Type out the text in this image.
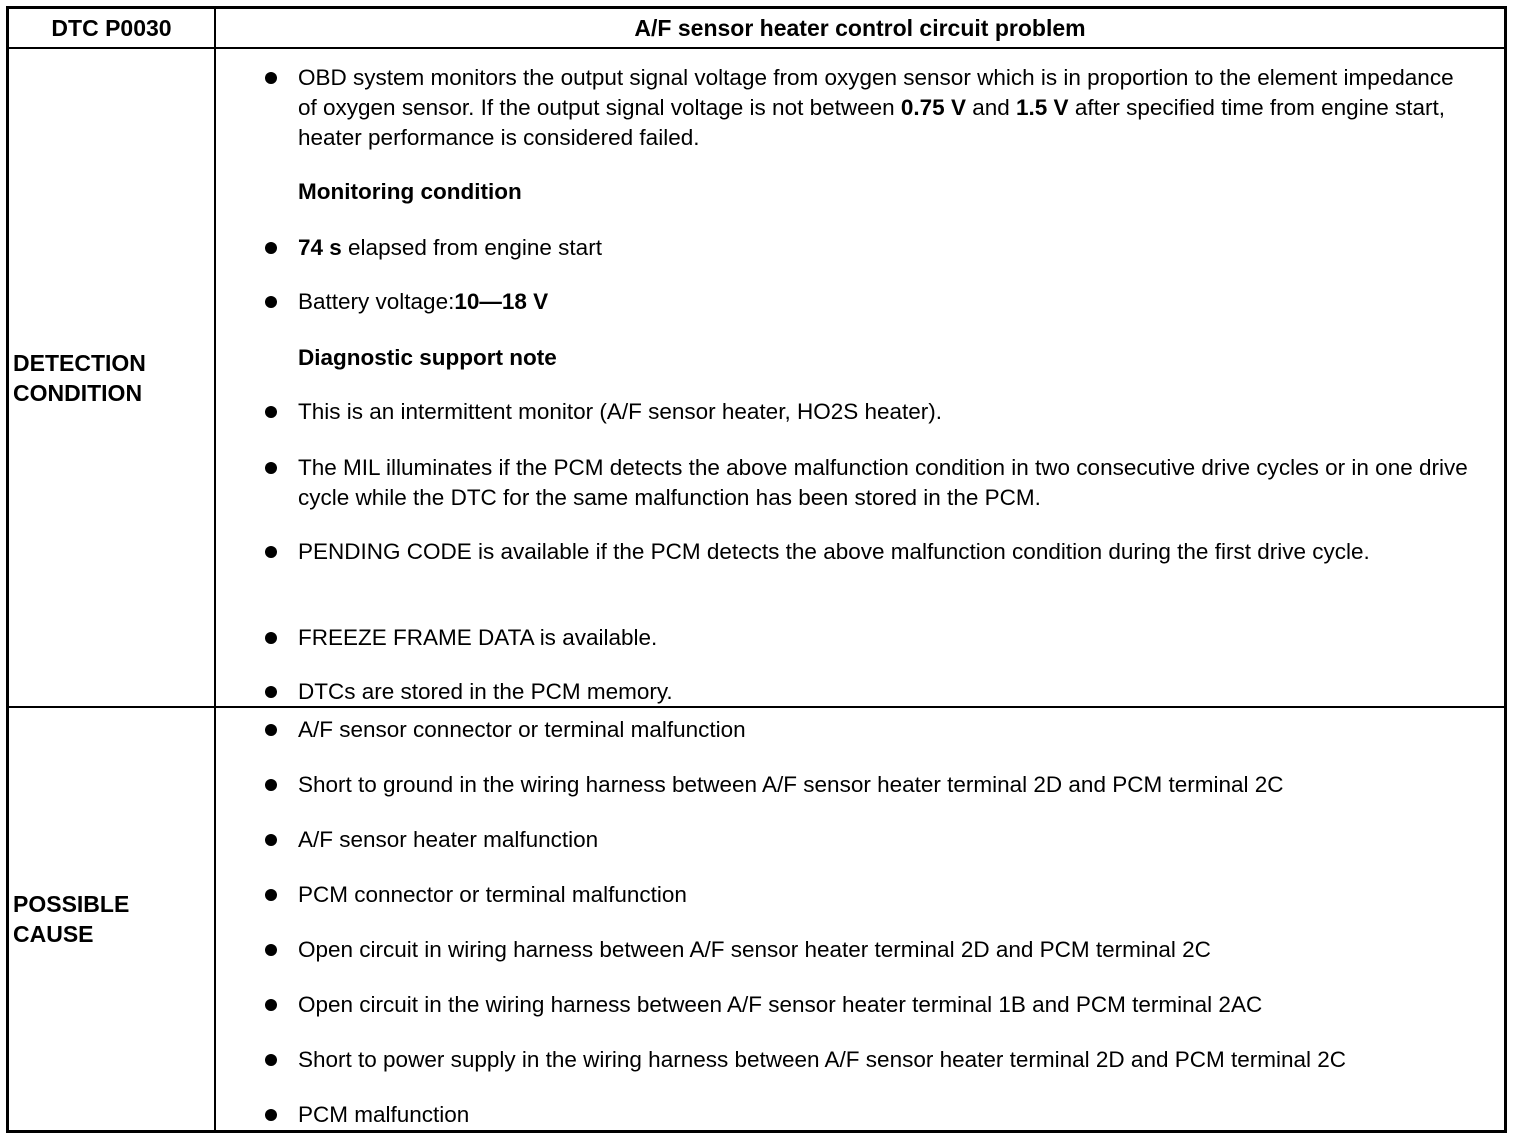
DTC P0030	A/F sensor heater control circuit problem
DETECTION
CONDITION
OBD system monitors the output signal voltage from oxygen sensor which is in proportion to the element impedance of oxygen sensor. If the output signal voltage is not between 0.75 V and 1.5 V after specified time from engine start, heater performance is considered failed.
Monitoring condition
74 s elapsed from engine start
Battery voltage:10—18 V
Diagnostic support note
This is an intermittent monitor (A/F sensor heater, HO2S heater).
The MIL illuminates if the PCM detects the above malfunction condition in two consecutive drive cycles or in one drive cycle while the DTC for the same malfunction has been stored in the PCM.
PENDING CODE is available if the PCM detects the above malfunction condition during the first drive cycle.
FREEZE FRAME DATA is available.
DTCs are stored in the PCM memory.
POSSIBLE
CAUSE
A/F sensor connector or terminal malfunction
Short to ground in the wiring harness between A/F sensor heater terminal 2D and PCM terminal 2C
A/F sensor heater malfunction
PCM connector or terminal malfunction
Open circuit in wiring harness between A/F sensor heater terminal 2D and PCM terminal 2C
Open circuit in the wiring harness between A/F sensor heater terminal 1B and PCM terminal 2AC
Short to power supply in the wiring harness between A/F sensor heater terminal 2D and PCM terminal 2C
PCM malfunction
